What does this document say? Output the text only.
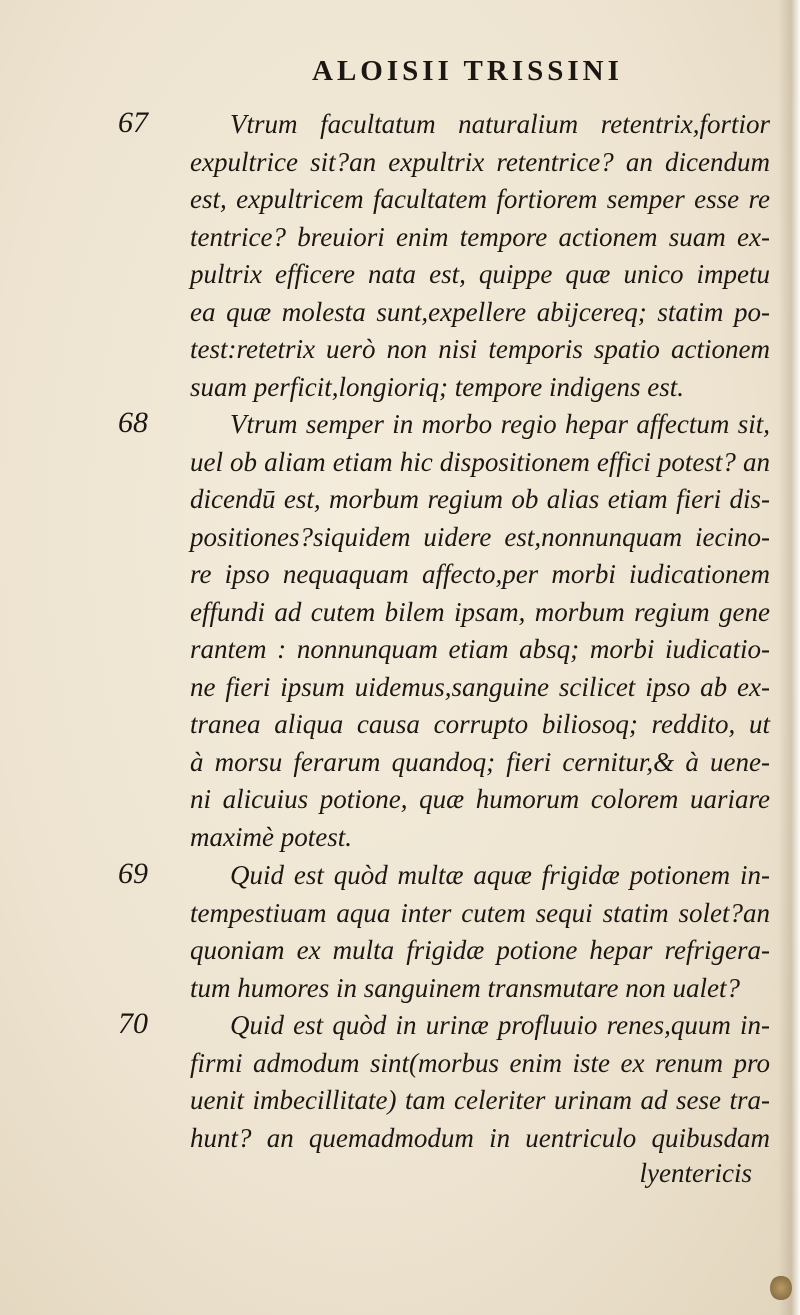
ALOISII TRISSINI
67	Vtrum facultatum naturalium retentrix,fortior
expultrice sit?an expultrix retentrice? an dicendum
est, expultricem facultatem fortiorem semper esse re
tentrice? breuiori enim tempore actionem suam ex-
pultrix efficere nata est, quippe quæ unico impetu
ea quæ molesta sunt,expellere abijcereq; statim po-
test:retetrix uerò non nisi temporis spatio actionem
suam perficit,longioriq; tempore indigens est.
68	Vtrum semper in morbo regio hepar affectum sit,
uel ob aliam etiam hic dispositionem effici potest? an
dicendū est, morbum regium ob alias etiam fieri dis-
positiones?siquidem uidere est,nonnunquam iecino-
re ipso nequaquam affecto,per morbi iudicationem
effundi ad cutem bilem ipsam, morbum regium gene
rantem : nonnunquam etiam absq; morbi iudicatio-
ne fieri ipsum uidemus,sanguine scilicet ipso ab ex-
tranea aliqua causa corrupto biliosoq; reddito, ut
à morsu ferarum quandoq; fieri cernitur,& à uene-
ni alicuius potione, quæ humorum colorem uariare
maximè potest.
69	Quid est quòd multæ aquæ frigidæ potionem in-
tempestiuam aqua inter cutem sequi statim solet?an
quoniam ex multa frigidæ potione hepar refrigera-
tum humores in sanguinem transmutare non ualet?
70	Quid est quòd in urinæ profluuio renes,quum in-
firmi admodum sint(morbus enim iste ex renum pro
uenit imbecillitate) tam celeriter urinam ad sese tra-
hunt? an quemadmodum in uentriculo quibusdam
lyentericis
